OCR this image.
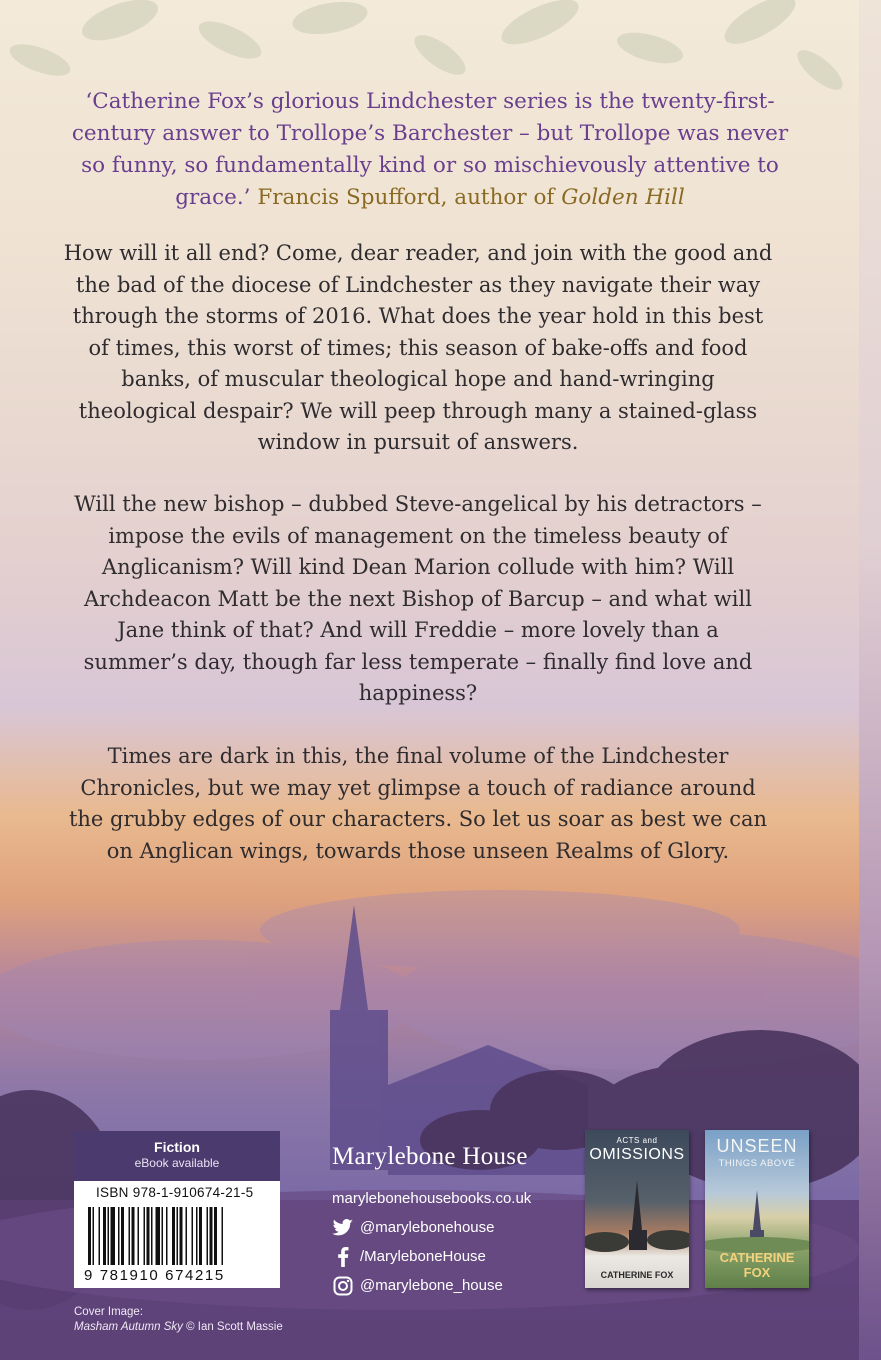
‘Catherine Fox’s glorious Lindchester series is the twenty-first-century answer to Trollope’s Barchester – but Trollope was never so funny, so fundamentally kind or so mischievously attentive to grace.’ Francis Spufford, author of Golden Hill

How will it all end? Come, dear reader, and join with the good and the bad of the diocese of Lindchester as they navigate their way through the storms of 2016. What does the year hold in this best of times, this worst of times; this season of bake-offs and food banks, of muscular theological hope and hand-wringing theological despair? We will peep through many a stained-glass window in pursuit of answers.

Will the new bishop – dubbed Steve-angelical by his detractors – impose the evils of management on the timeless beauty of Anglicanism? Will kind Dean Marion collude with him? Will Archdeacon Matt be the next Bishop of Barcup – and what will Jane think of that? And will Freddie – more lovely than a summer’s day, though far less temperate – finally find love and happiness?

Times are dark in this, the final volume of the Lindchester Chronicles, but we may yet glimpse a touch of radiance around the grubby edges of our characters. So let us soar as best we can on Anglican wings, towards those unseen Realms of Glory.

Fiction
eBook available
ISBN 978-1-910674-21-5
9 781910 674215
Cover Image:
Masham Autumn Sky © Ian Scott Massie
Marylebone House
marylebonehousebooks.co.uk
@marylebonehouse
/MaryleboneHouse
@marylebone_house
ACTS and
OMISSIONS
CATHERINE FOX
UNSEEN
THINGS ABOVE
CATHERINE
FOX
